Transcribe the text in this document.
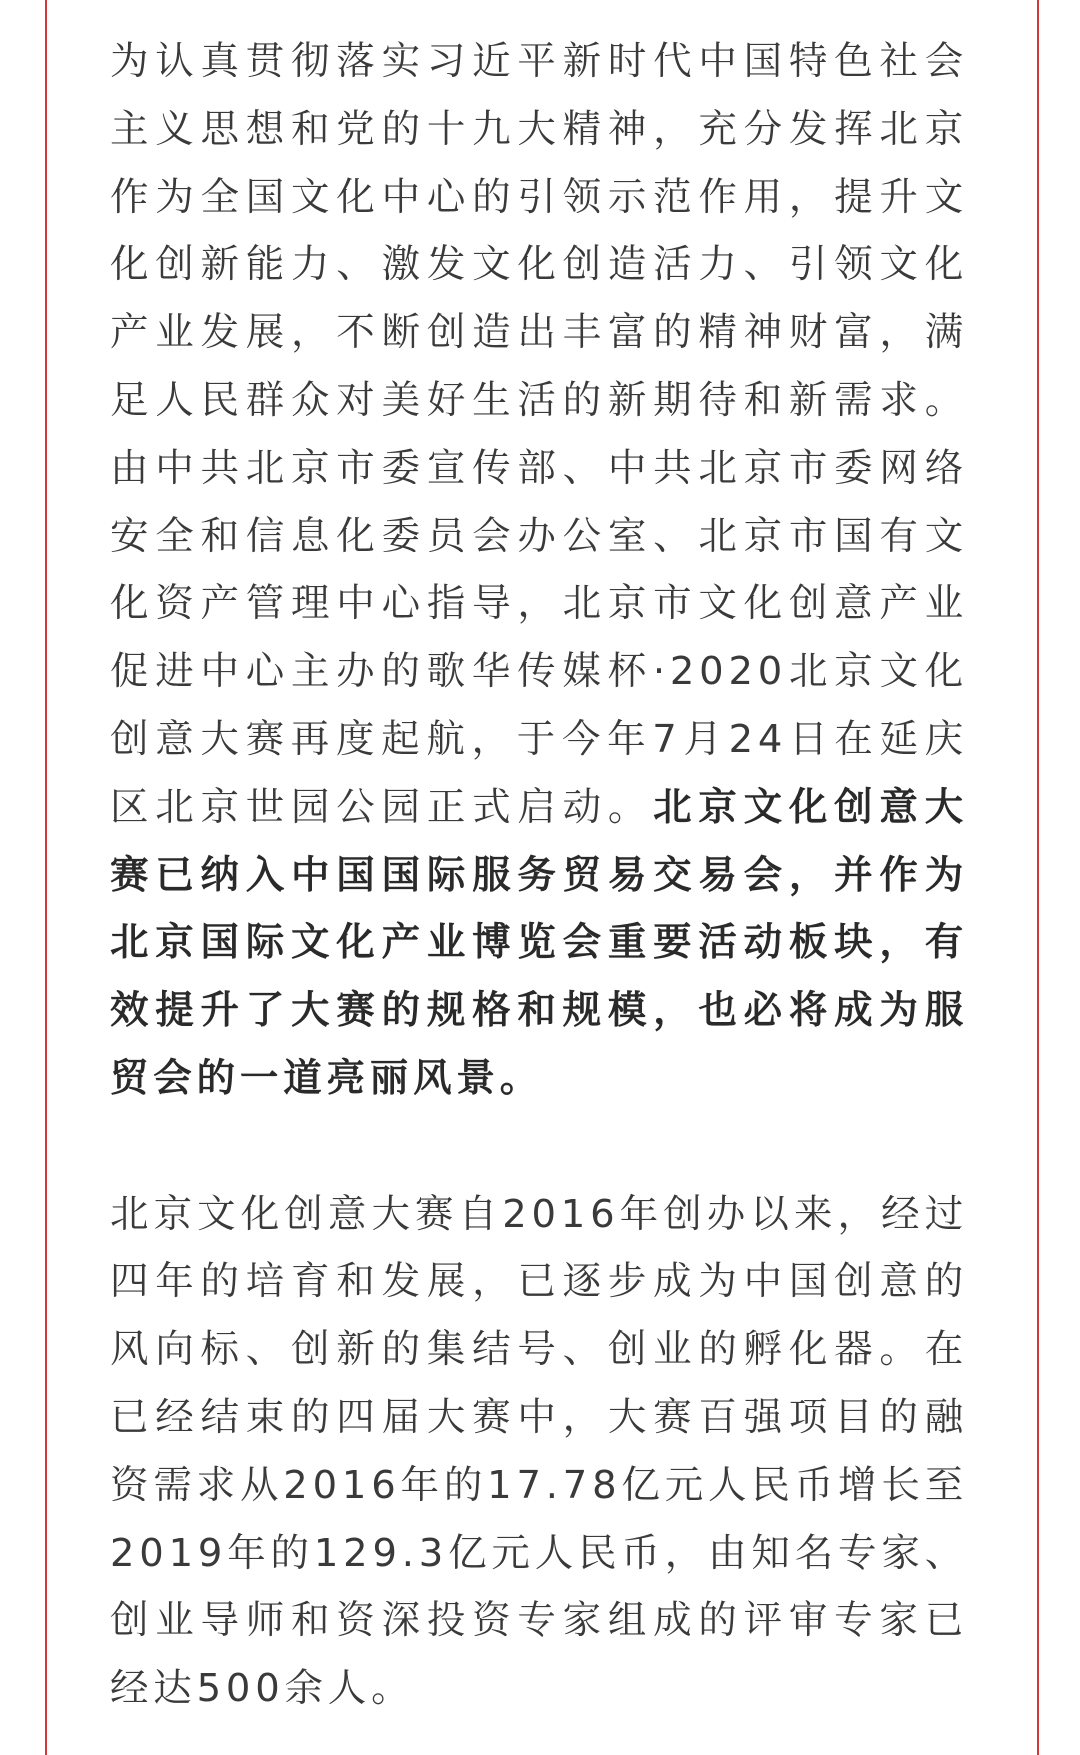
为认真贯彻落实习近平新时代中国特色社会主义思想和党的十九大精神，充分发挥北京作为全国文化中心的引领示范作用，提升文化创新能力、激发文化创造活力、引领文化产业发展，不断创造出丰富的精神财富，满足人民群众对美好生活的新期待和新需求。由中共北京市委宣传部、中共北京市委网络安全和信息化委员会办公室、北京市国有文化资产管理中心指导，北京市文化创意产业促进中心主办的歌华传媒杯·2020北京文化创意大赛再度起航，于今年7月24日在延庆区北京世园公园正式启动。北京文化创意大赛已纳入中国国际服务贸易交易会，并作为北京国际文化产业博览会重要活动板块，有效提升了大赛的规格和规模，也必将成为服贸会的一道亮丽风景。

北京文化创意大赛自2016年创办以来，经过四年的培育和发展，已逐步成为中国创意的风向标、创新的集结号、创业的孵化器。在已经结束的四届大赛中，大赛百强项目的融资需求从2016年的17.78亿元人民币增长至2019年的129.3亿元人民币，由知名专家、创业导师和资深投资专家组成的评审专家已经达500余人。
